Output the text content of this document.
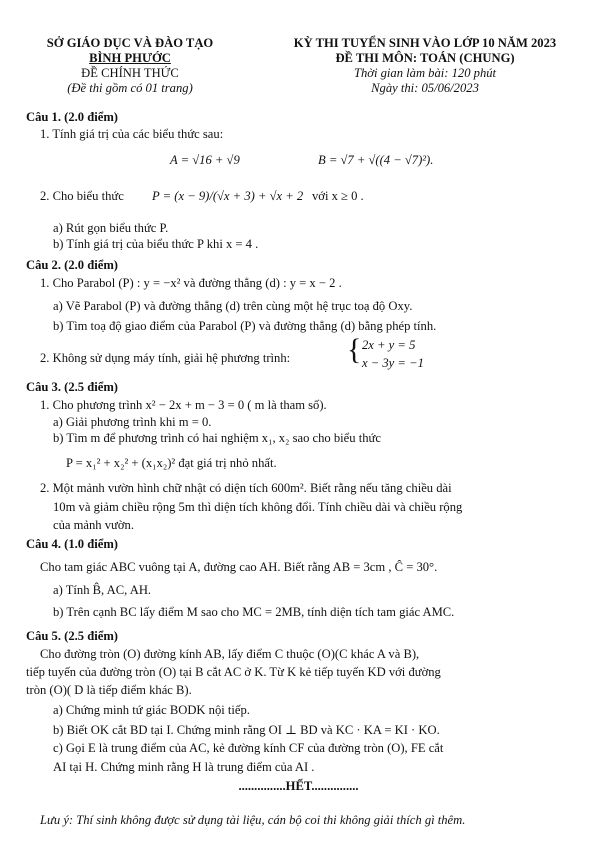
SỞ GIÁO DỤC VÀ ĐÀO TẠO
BÌNH PHƯỚC
ĐỀ CHÍNH THỨC
(Đề thi gồm có 01 trang)
KỲ THI TUYỂN SINH VÀO LỚP 10 NĂM 2023
ĐỀ THI MÔN: TOÁN (CHUNG)
Thời gian làm bài: 120 phút
Ngày thi: 05/06/2023
Câu 1. (2.0 điểm)
1. Tính giá trị của các biểu thức sau:
A = √16 + √9	B = √7 + √((4 − √7)²).
2. Cho biểu thức P = (x − 9)/(√x + 3) + √x + 2 với x ≥ 0 .
a) Rút gọn biểu thức P.
b) Tính giá trị của biểu thức P khi x = 4 .
Câu 2. (2.0 điểm)
1. Cho Parabol (P) : y = −x² và đường thẳng (d) : y = x − 2 .
a) Vẽ Parabol (P) và đường thẳng (d) trên cùng một hệ trục toạ độ Oxy.
b) Tìm toạ độ giao điểm của Parabol (P) và đường thẳng (d) bằng phép tính.
2. Không sử dụng máy tính, giải hệ phương trình: { 2x + y = 5
x − 3y = −1
Câu 3. (2.5 điểm)
1. Cho phương trình x² − 2x + m − 3 = 0 ( m là tham số).
a) Giải phương trình khi m = 0.
b) Tìm m để phương trình có hai nghiệm x₁, x₂ sao cho biểu thức
P = x₁² + x₂² + (x₁x₂)² đạt giá trị nhỏ nhất.
2. Một mảnh vườn hình chữ nhật có diện tích 600m². Biết rằng nếu tăng chiều dài
10m và giảm chiều rộng 5m thì diện tích không đổi. Tính chiều dài và chiều rộng
của mảnh vườn.
Câu 4. (1.0 điểm)
Cho tam giác ABC vuông tại A, đường cao AH. Biết rằng AB = 3cm , Ĉ = 30°.
a) Tính B̂, AC, AH.
b) Trên cạnh BC lấy điểm M sao cho MC = 2MB, tính diện tích tam giác AMC.
Câu 5. (2.5 điểm)
Cho đường tròn (O) đường kính AB, lấy điểm C thuộc (O)(C khác A và B),
tiếp tuyến của đường tròn (O) tại B cắt AC ở K. Từ K kẻ tiếp tuyến KD với đường
tròn (O)( D là tiếp điểm khác B).
a) Chứng minh tứ giác BODK nội tiếp.
b) Biết OK cắt BD tại I. Chứng minh rằng OI ⊥ BD và KC · KA = KI · KO.
c) Gọi E là trung điểm của AC, kẻ đường kính CF của đường tròn (O), FE cắt
AI tại H. Chứng minh rằng H là trung điểm của AI .
...............HẾT...............
Lưu ý: Thí sinh không được sử dụng tài liệu, cán bộ coi thi không giải thích gì thêm.
